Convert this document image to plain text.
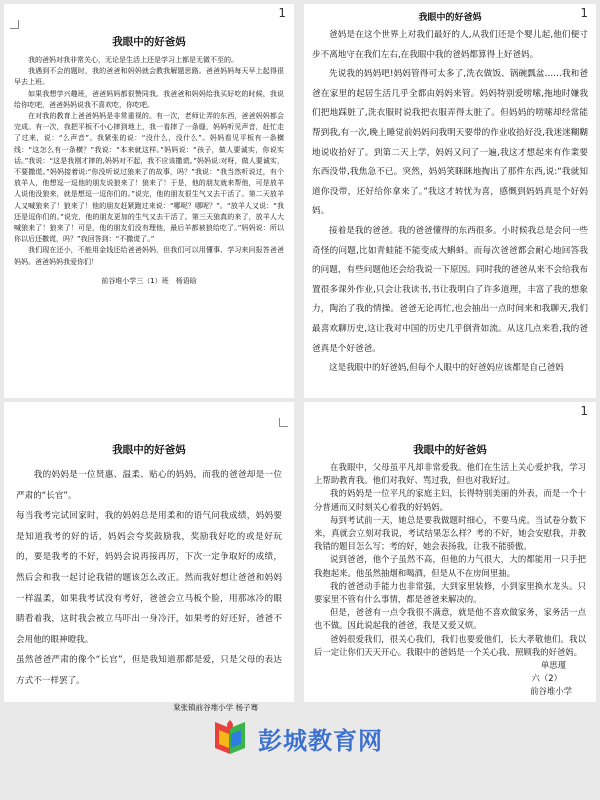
1
我眼中的好爸妈

我的爸妈对我非常关心，无论是生活上还是学习上都是无微不至的。

我遇到不会的题时，我的爸爸和妈妈就会教我解题思路。爸爸妈妈每天早上起得很早去上班。

如果我想学兴趣班，爸爸妈妈都很赞同我。我爸爸和妈妈给我买好吃的时候，我说给你吃吧，爸爸妈妈说我不喜欢吃，你吃吧。

在对我的教育上爸爸妈妈是非常重视的。有一次，老师让弄的东西，爸爸妈妈都会完成。有一次，我把平板不小心摔到地上，我一看摔了一条缝，妈妈听见声音，赶忙走了过来，说：“么声音”。我紧张的说：“没什么，没什么”。妈妈看见平板有一条横线：“这怎么有一条横？”我说：“本来就这样。”妈妈说：“孩子，做人要诚实，你说实话。”我说：“这是我刚才摔的,妈妈对不起，我不应该撒谎。”妈妈说:对呀，做人要诚实，不要撒谎。”妈妈接着说:“你没听说过狼来了的故事，吗？”我说：“我当然听说过，有个放羊人，他想逗一逗他的朋友说狼来了！狼来了！于是，他的朋友就来帮他，可是放羊人说他没狼来，就是想逗一逗你们的。”说完，他的朋友很生气又去干活了。第二天放羊人又喊狼来了！狼来了！他的朋友赶紧跑过来说：“哪呢？哪呢？”。“放羊人又说：“我还是逗你们的。”说完，他的朋友更加的生气又去干活了。第三天狼真的来了，放羊人大喊狼来了！狼来了！可是，他的朋友们没有理他，最后羊都被狼给吃了。”妈妈说：所以你以后还撒谎，吗？”我回答到：“不撒谎了。”

我们现在还小，不能用金钱还给爸爸妈妈，但我们可以用懂事、学习来问报答爸爸妈妈。爸爸妈妈我爱你们！

前谷堆小学三（1）班　杨语晗
1
我眼中的好爸妈

爸妈是在这个世界上对我们最好的人,从我们还是个婴儿起,他们便寸步不离地守在我们左右,在我眼中我的爸妈都算得上好爸妈。

先说我的妈妈吧!妈妈管得可太多了,洗衣做饭、锅碗瓢盆……我和爸爸在家里的起居生活几乎全都由妈妈来管。妈妈特别爱唠嗦,拖地时嫌我们把地踩脏了,洗衣服时说我把衣服弄得太脏了。但妈妈的唠嗦却经常能帮到我,有一次,晚上睡觉前妈妈问我明天要带的作业收拾好没,我迷迷糊糊地说收拾好了。到第二天上学，妈妈又问了一遍,我这才想起来有作業要东西没带,我焦急不已。突然，妈妈笑眯眯地掏出了那件东西,说:“我就知道你没带，还好给你拿来了。”我这才转忧为喜，感慨到妈妈真是个好妈妈。

接着是我的爸爸。我的爸爸懂得的东西很多。小时候我总是会问一些奇怪的问题,比如青蛙能不能变成大蝌蚪。而每次爸爸都会耐心地回答我的问题，有些问题他还会给我说一下原因。同时我的爸爸从来不会给我布置很多课外作业,只会让我读书,书让我明白了许多道理，丰富了我的想象力，陶治了我的情操。爸爸无论再忙,也会抽出一点时间来和我聊天,我们最喜欢聊历史,这让我对中国的历史几乎倒背如流。从这几点来看,我的爸爸真是个好爸爸。

这是我眼中的好爸妈,但每个人眼中的好爸妈应该都是自己爸妈

我眼中的好爸妈

　　我的妈妈是一位贤惠、温柔、贴心的妈妈，而我的爸爸却是一位严肃的“长官”。

每当我考完试回家时，我的妈妈总是用柔和的语气问我成绩，妈妈要是知道我考的好的话，妈妈会夸奖鼓励我，奖励我好吃的或是好玩的，要是我考的不好，妈妈会说再接再厉，下次一定争取好的成绩，然后会和我一起讨论我错的题该怎么改正。然而我好想让爸爸和妈妈一样温柔，如果我考试没有考好，爸爸会立马板个脸，用那冰冷的眼睛看着我，这时我会被立马吓出一身冷汗，如果考的好还好，爸爸不会用他的眼神瞪我。

虽然爸爸严肃的像个“长官”，但是我知道那都是爱，只是父母的表达方式不一样罢了。

棠张镇前谷堆小学 杨子骞
1
我眼中的好爸妈

在我眼中，父母虽平凡却非常爱我。他们在生活上关心爱护我，学习上帮助教育我。他们对我好、骂过我，但也对我好过。

我的妈妈是一位平凡的家庭主妇，长得特别美丽的外表，而是一个十分普通而又时刻关心着我的好妈妈。

每到考试前一天，她总是要我做题时细心，不要马虎。当试卷分数下来，真就会立刻对我说，考试结果怎么样？考的不好，她会安慰我，并教我错的题目怎么写；考的好，她会表扬我，让我不能骄傲。

说到爸爸，他个子虽然不高，但他的力气很大，大的都能用一只手把我抱起来。他虽然抽烟和喝酒，但是从不在房间里抽。

我的爸爸动手能力也非常强，大到家里装修，小到家里换水龙头。只要家里不管有什么事情，都是爸爸来解决的。

但是，爸爸有一点令我很不满意，就是他不喜欢做家务，家务活一点也不做。因此说起我的爸爸，我是又爱又烦。

爸妈很爱我们，很关心我们，我们也要爱他们，长大孝敬他们。我以后一定让你们天天开心。我眼中的爸妈是一个关心我、照顾我的好爸妈。

单思瑾
六（2）
前谷堆小学
彭城教育网
